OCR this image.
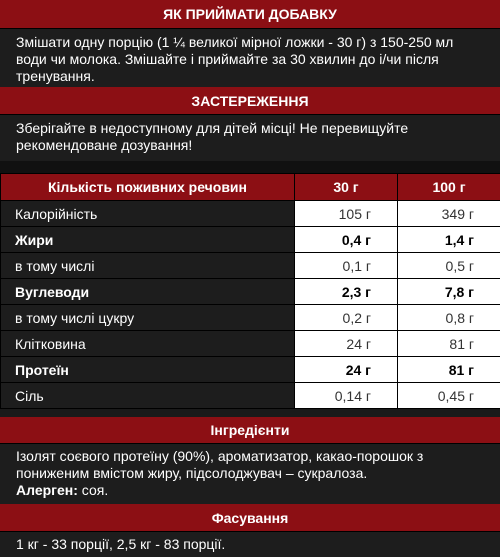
ЯК ПРИЙМАТИ ДОБАВКУ
Змішати одну порцію (1 ¼ великої мірної ложки - 30 г) з 150-250 мл води чи молока. Змішайте і приймайте за 30 хвилин до і/чи після тренування.
ЗАСТЕРЕЖЕННЯ
Зберігайте в недоступному для дітей місці! Не перевищуйте рекомендоване дозування!
Кількість поживних речовин	30 г	100 г
Калорійність	105 г	349 г
Жири	0,4 г	1,4 г
в тому числі	0,1 г	0,5 г
Вуглеводи	2,3 г	7,8 г
в тому числі цукру	0,2 г	0,8 г
Клітковина	24 г	81 г
Протеїн	24 г	81 г
Сіль	0,14 г	0,45 г
Інгредієнти
Ізолят соєвого протеїну (90%), ароматизатор, какао-порошок з пониженим вмістом жиру, підсолоджувач – сукралоза.
Алерген: соя.
Фасування
1 кг - 33 порції, 2,5 кг - 83 порції.
